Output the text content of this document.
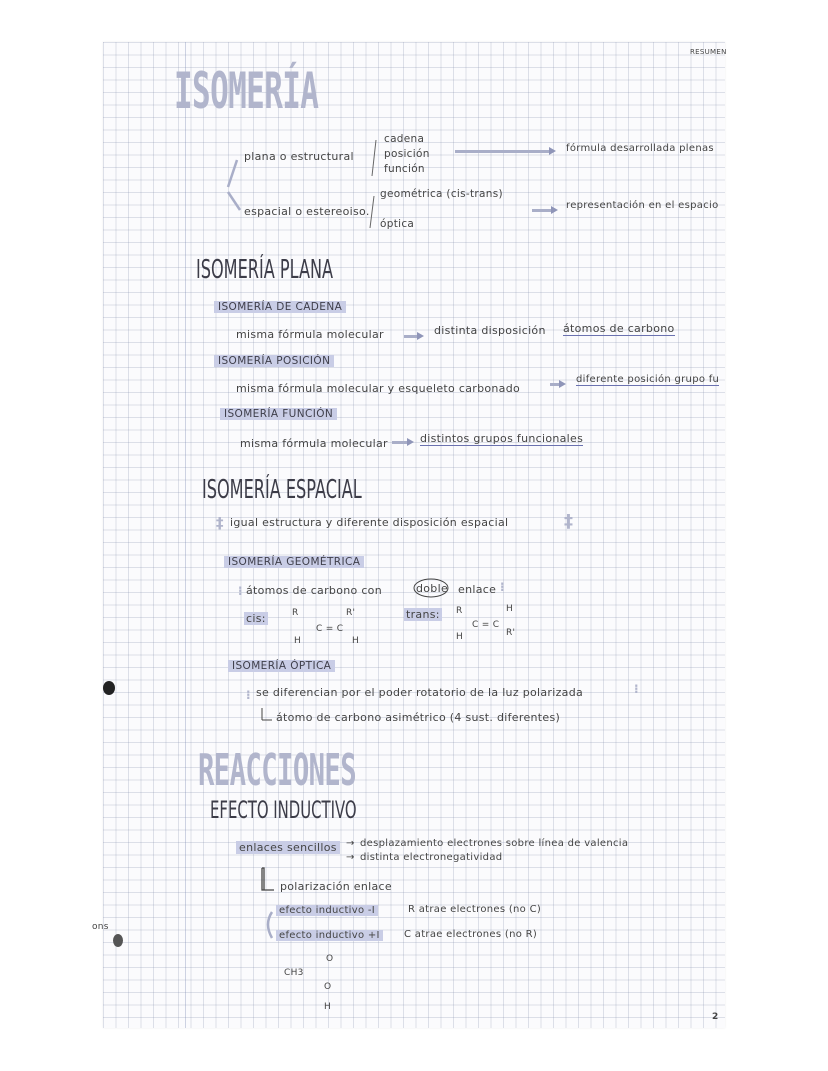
ons
RESUMEN
2
ISOMERÍA
plana o estructural
cadena
posición
función
fórmula desarrollada plenas
espacial o estereoiso.
geométrica (cis-trans)
óptica
representación en el espacio
ISOMERÍA PLANA
ISOMERÍA DE CADENA
misma fórmula molecular	distinta disposición átomos de carbono
ISOMERÍA POSICIÓN
misma fórmula molecular y esqueleto carbonado
diferente posición grupo fu
ISOMERÍA FUNCIÓN
misma fórmula molecular	distintos grupos funcionales
ISOMERÍA ESPACIAL
‡ igual estructura y diferente disposición espacial	‡
ISOMERÍA GEOMÉTRICA
⁝ átomos de carbono con	doble enlace ⁝
cis:	R	R'
C = C
H	H
trans: R	H
C = C
H	R'
ISOMERÍA ÓPTICA
⁝ se diferencian por el poder rotatorio de la luz polarizada	⁝
átomo de carbono asimétrico (4 sust. diferentes)
REACCIONES
EFECTO INDUCTIVO
enlaces sencillos → desplazamiento electrones sobre línea de valencia
→ distinta electronegatividad
polarización enlace
efecto inductivo -I	R atrae electrones (no C)
efecto inductivo +I	C atrae electrones (no R)
CH3
O
O
H
